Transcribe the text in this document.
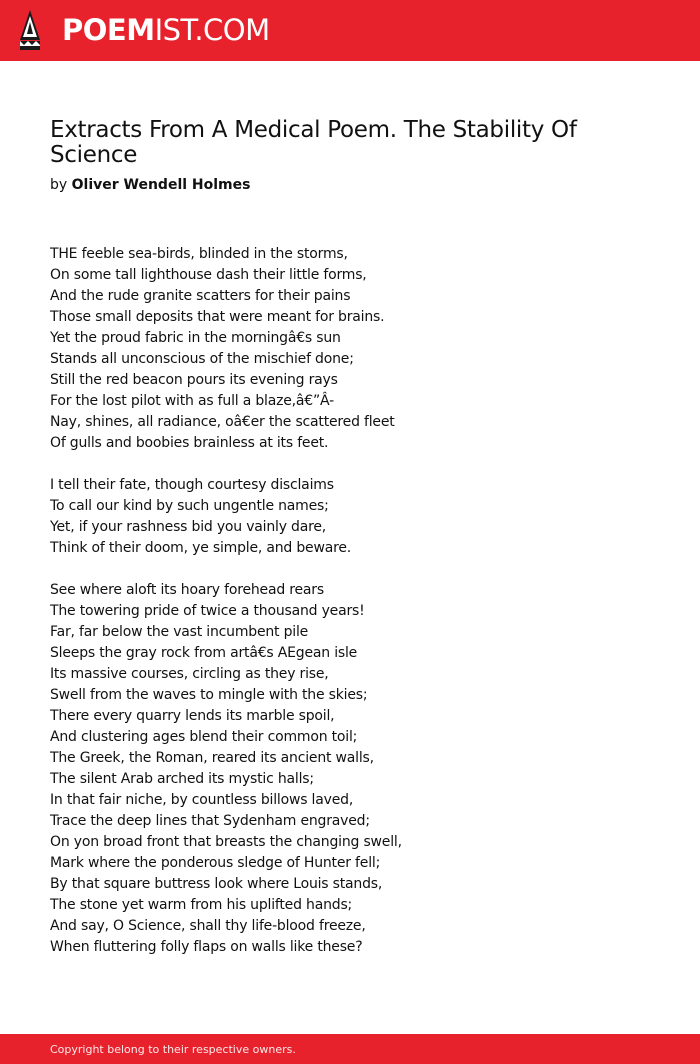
POEM IST.COM
Extracts From A Medical Poem. The Stability Of Science
by Oliver Wendell Holmes
THE feeble sea-birds, blinded in the storms,
On some tall lighthouse dash their little forms,
And the rude granite scatters for their pains
Those small deposits that were meant for brains.
Yet the proud fabric in the morningâ€s sun
Stands all unconscious of the mischief done;
Still the red beacon pours its evening rays
For the lost pilot with as full a blaze,â€”Â-
Nay, shines, all radiance, oâ€er the scattered fleet
Of gulls and boobies brainless at its feet.
I tell their fate, though courtesy disclaims
To call our kind by such ungentle names;
Yet, if your rashness bid you vainly dare,
Think of their doom, ye simple, and beware.
See where aloft its hoary forehead rears
The towering pride of twice a thousand years!
Far, far below the vast incumbent pile
Sleeps the gray rock from artâ€s AEgean isle
Its massive courses, circling as they rise,
Swell from the waves to mingle with the skies;
There every quarry lends its marble spoil,
And clustering ages blend their common toil;
The Greek, the Roman, reared its ancient walls,
The silent Arab arched its mystic halls;
In that fair niche, by countless billows laved,
Trace the deep lines that Sydenham engraved;
On yon broad front that breasts the changing swell,
Mark where the ponderous sledge of Hunter fell;
By that square buttress look where Louis stands,
The stone yet warm from his uplifted hands;
And say, O Science, shall thy life-blood freeze,
When fluttering folly flaps on walls like these?
Copyright belong to their respective owners.
